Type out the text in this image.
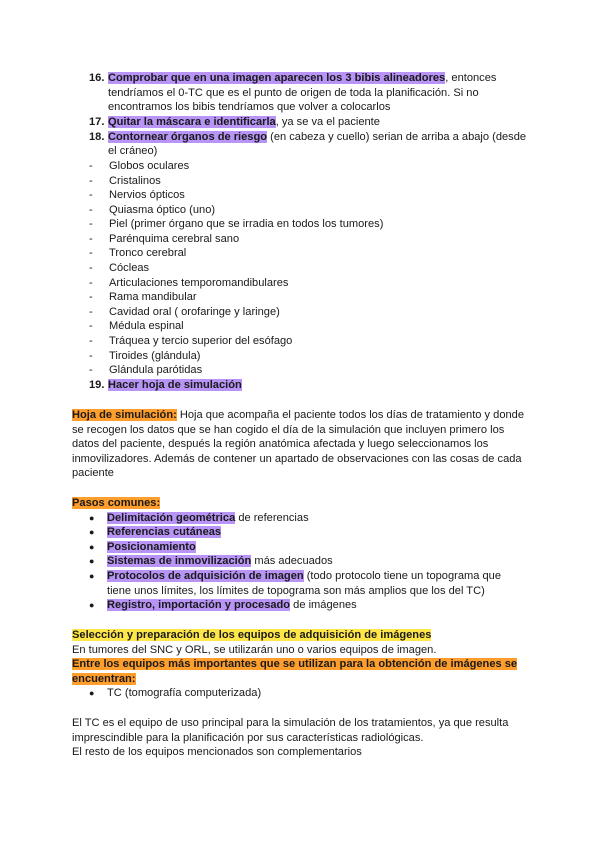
16. Comprobar que en una imagen aparecen los 3 bibis alineadores, entonces
tendríamos el 0-TC que es el punto de origen de toda la planificación. Si no
encontramos los bibis tendríamos que volver a colocarlos
17. Quitar la máscara e identificarla, ya se va el paciente
18. Contornear órganos de riesgo (en cabeza y cuello) serian de arriba a abajo (desde
el cráneo)
- Globos oculares
- Cristalinos
- Nervios ópticos
- Quiasma óptico (uno)
- Piel (primer órgano que se irradia en todos los tumores)
- Parénquima cerebral sano
- Tronco cerebral
- Cócleas
- Articulaciones temporomandibulares
- Rama mandibular
- Cavidad oral ( orofaringe y laringe)
- Médula espinal
- Tráquea y tercio superior del esófago
- Tiroides (glándula)
- Glándula parótidas
19. Hacer hoja de simulación
Hoja de simulación: Hoja que acompaña el paciente todos los días de tratamiento y donde
se recogen los datos que se han cogido el día de la simulación que incluyen primero los
datos del paciente, después la región anatómica afectada y luego seleccionamos los
inmovilizadores. Además de contener un apartado de observaciones con las cosas de cada
paciente
Pasos comunes:
● Delimitación geométrica de referencias
● Referencias cutáneas
● Posicionamiento
● Sistemas de inmovilización más adecuados
● Protocolos de adquisición de imagen (todo protocolo tiene un topograma que
tiene unos límites, los límites de topograma son más amplios que los del TC)
● Registro, importación y procesado de imágenes
Selección y preparación de los equipos de adquisición de imágenes
En tumores del SNC y ORL, se utilizarán uno o varios equipos de imagen.
Entre los equipos más importantes que se utilizan para la obtención de imágenes se
encuentran:
● TC (tomografía computerizada)
El TC es el equipo de uso principal para la simulación de los tratamientos, ya que resulta
imprescindible para la planificación por sus características radiológicas.
El resto de los equipos mencionados son complementarios
